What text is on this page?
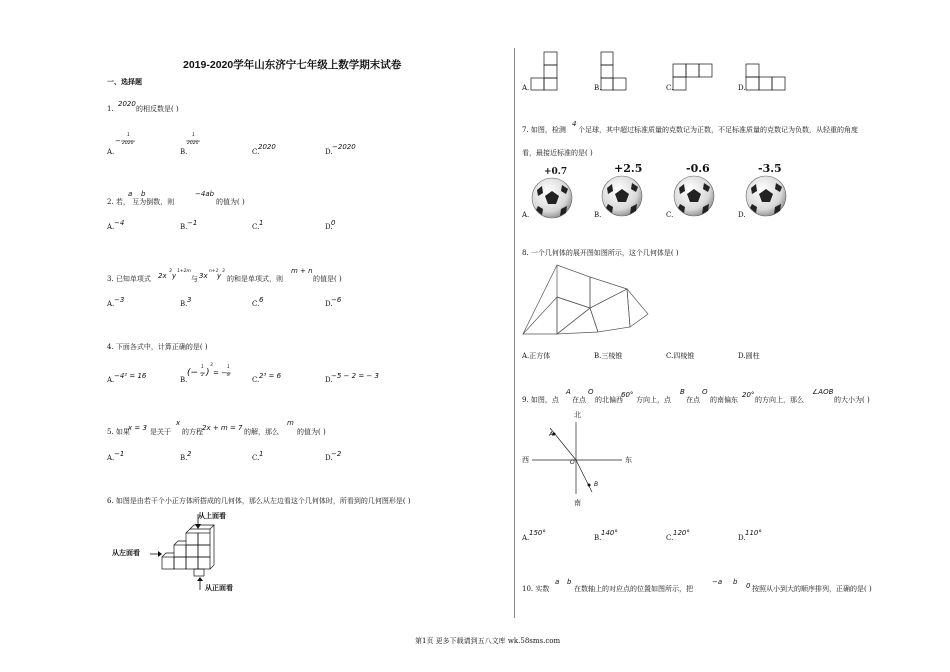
2019-2020学年山东济宁七年级上数学期末试卷
一、选择题
1.
2020
的相反数是( )
A.
−
1
2020
B.
1
2020
C.
2020
D.
−2020
a b
2. 若， 互为倒数，则
−4ab
的值为( )
A. −4	B. −1	C. 1	D.
0
3. 已知单项式 2x
3
y
1+2m
与 3x
n+1
y
3
的和是单项式，则
m + n
的值是( )
A. −3	B. 3	C. 6	D.
−6
4. 下面各式中，计算正确的是( )
A. −4² = 16	B.
(−
1
2 )
3
= −
1
8
C. 2³ = 6	D.
−5 − 2 = − 3
5. 如果
x = 3 是关于
x
的方程 2x + m = 7 的解，那么
m
的值为( )
A. −1	B. 2	C. 1	D.
−2
6. 如图是由若干个小正方体所搭成的几何体，那么从左边看这个几何体时，所看到的几何图形是( )
从上面看
从左面看
从正面看
A.	B.	C.	D.
7. 如图，检测
4
个足球，其中超过标准质量的克数记为正数，不足标准质量的克数记为负数，从轻重的角度
看，最接近标准的是( )
+0.7	+2.5	-0.6	-3.5
A.	B.	C.	D.
8. 一个几何体的展开图如图所示，这个几何体是( )
A.正方体	B.三棱锥	C.四棱锥	D.圆柱
9. 如图，点
A
在点
O
的北偏西
60°
方向上，点
B
在点
O
的南偏东
20°
的方向上，那么
∠AOB
的大小为( )
北
南
西	东
A
O
B
A.
150°
B.
140°
C.
120°
D.
110°
10. 实数
a b
在数轴上的对应点的位置如图所示，把
−a b 0 按照从小到大的顺序排列，正确的是( )
第1页 更多下载请到五八文库 wk.58sms.com
